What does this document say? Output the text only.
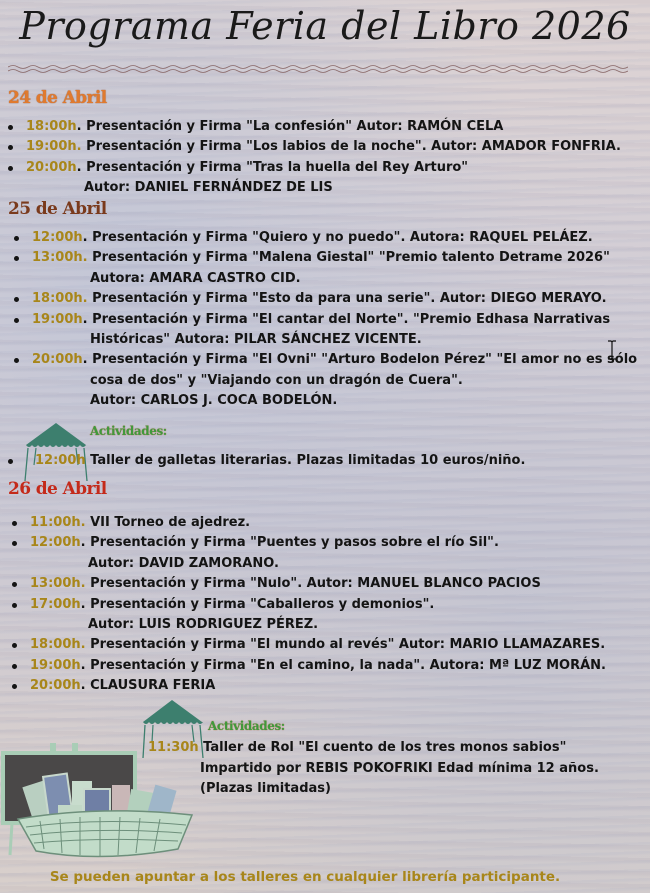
Programa Feria del Libro 2026
24 de Abril
18:00h. Presentación y Firma "La confesión" Autor: RAMÓN CELA
19:00h. Presentación y Firma "Los labios de la noche". Autor: AMADOR FONFRIA.
20:00h. Presentación y Firma "Tras la huella del Rey Arturo"
Autor: DANIEL FERNÁNDEZ DE LIS
25 de Abril
12:00h. Presentación y Firma "Quiero y no puedo". Autora: RAQUEL PELÁEZ.
13:00h. Presentación y Firma "Malena Giestal" "Premio talento Detrame 2026"
Autora: AMARA CASTRO CID.
18:00h. Presentación y Firma "Esto da para una serie". Autor: DIEGO MERAYO.
19:00h. Presentación y Firma "El cantar del Norte". "Premio Edhasa Narrativas
Históricas" Autora: PILAR SÁNCHEZ VICENTE.
20:00h. Presentación y Firma "El Ovni" "Arturo Bodelon Pérez" "El amor no es sólo
cosa de dos" y "Viajando con un dragón de Cuera".
Autor: CARLOS J. COCA BODELÓN.
Actividades:
12:00h Taller de galletas literarias. Plazas limitadas 10 euros/niño.
26 de Abril
11:00h. VII Torneo de ajedrez.
12:00h. Presentación y Firma "Puentes y pasos sobre el río Sil".
Autor: DAVID ZAMORANO.
13:00h. Presentación y Firma "Nulo". Autor: MANUEL BLANCO PACIOS
17:00h. Presentación y Firma "Caballeros y demonios".
Autor: LUIS RODRIGUEZ PÉREZ.
18:00h. Presentación y Firma "El mundo al revés" Autor: MARIO LLAMAZARES.
19:00h. Presentación y Firma "En el camino, la nada". Autora: Mª LUZ MORÁN.
20:00h. CLAUSURA FERIA
Actividades:
11:30h Taller de Rol "El cuento de los tres monos sabios"
Impartido por REBIS POKOFRIKI Edad mínima 12 años.
(Plazas limitadas)
Se pueden apuntar a los talleres en cualquier librería participante.
